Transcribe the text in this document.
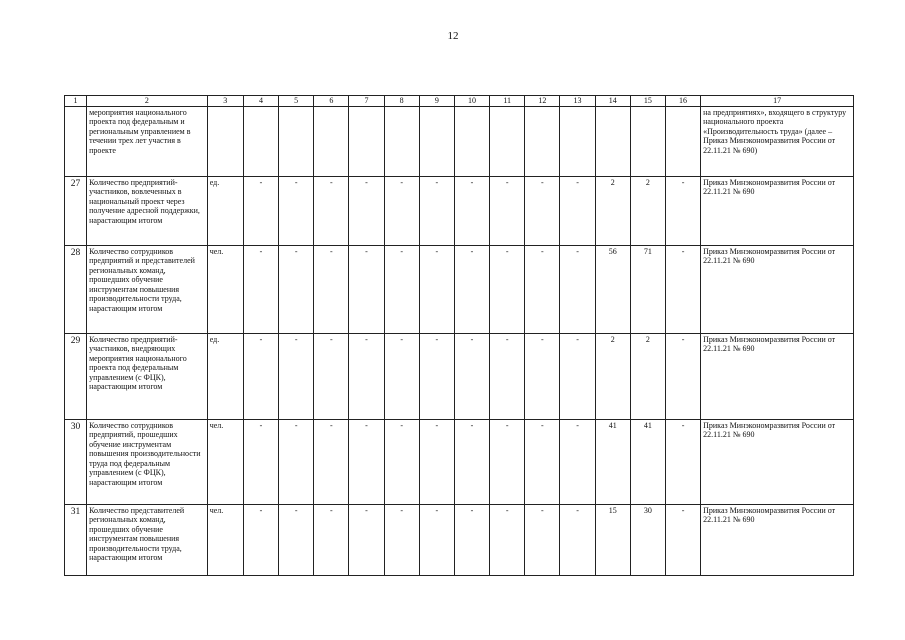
12
1	2	3	4	5	6	7	8	9	10	11	12	13	14	15	16	17
	мероприятия национального проекта под федеральным и региональным управлением в течении трех лет участия в проекте															на предприятиях», входящего в структуру национального проекта «Производительность труда» (далее – Приказ Минэкономразвития России от 22.11.21 № 690)
27	Количество предприятий-участников, вовлеченных в национальный проект через получение адресной поддержки, нарастающим итогом	ед.	-	-	-	-	-	-	-	-	-	-	2	2	-	Приказ Минэкономразвития России от 22.11.21 № 690
28	Количество сотрудников предприятий и представителей региональных команд, прошедших обучение инструментам повышения производительности труда, нарастающим итогом	чел.	-	-	-	-	-	-	-	-	-	-	56	71	-	Приказ Минэкономразвития России от 22.11.21 № 690
29	Количество предприятий-участников, внедряющих мероприятия национального проекта под федеральным управлением (с ФЦК), нарастающим итогом	ед.	-	-	-	-	-	-	-	-	-	-	2	2	-	Приказ Минэкономразвития России от 22.11.21 № 690
30	Количество сотрудников предприятий, прошедших обучение инструментам повышения производительности труда под федеральным управлением (с ФЦК), нарастающим итогом	чел.	-	-	-	-	-	-	-	-	-	-	41	41	-	Приказ Минэкономразвития России от 22.11.21 № 690
31	Количество представителей региональных команд, прошедших обучение инструментам повышения производительности труда, нарастающим итогом	чел.	-	-	-	-	-	-	-	-	-	-	15	30	-	Приказ Минэкономразвития России от 22.11.21 № 690
